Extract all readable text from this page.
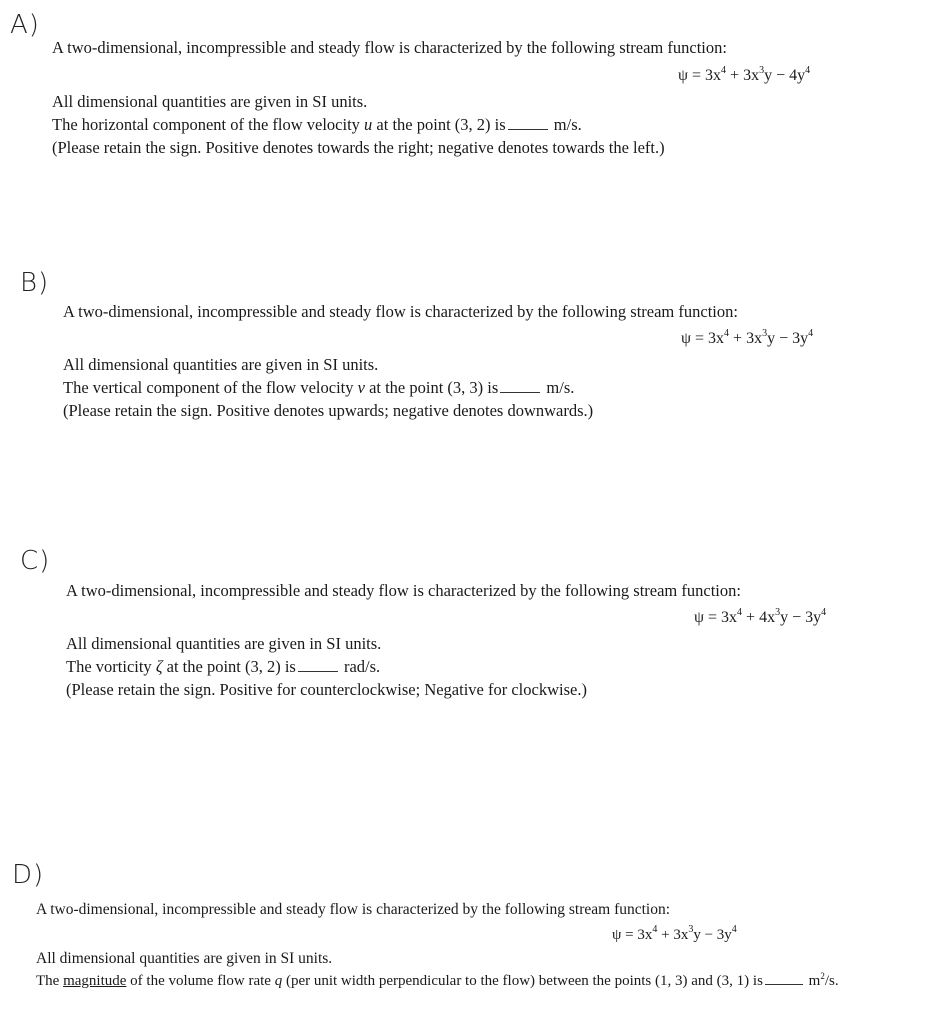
A)

A two-dimensional, incompressible and steady flow is characterized by the following stream function:

$\psi = 3x^4 + 3x^3y - 4y^4$

All dimensional quantities are given in SI units.

The horizontal component of the flow velocity u at the point (3, 2) is	m/s.

(Please retain the sign. Positive denotes towards the right; negative denotes towards the left.)

B)

A two-dimensional, incompressible and steady flow is characterized by the following stream function:

$\psi = 3x^4 + 3x^3y - 3y^4$

All dimensional quantities are given in SI units.

The vertical component of the flow velocity v at the point (3, 3) is	m/s.

(Please retain the sign. Positive denotes upwards; negative denotes downwards.)

C)

A two-dimensional, incompressible and steady flow is characterized by the following stream function:

$\psi = 3x^4 + 4x^3y - 3y^4$

All dimensional quantities are given in SI units.

The vorticity ζ at the point (3, 2) is	rad/s.

(Please retain the sign. Positive for counterclockwise; Negative for clockwise.)

D)

A two-dimensional, incompressible and steady flow is characterized by the following stream function:

$\psi = 3x^4 + 3x^3y - 3y^4$

All dimensional quantities are given in SI units.

The magnitude of the volume flow rate q (per unit width perpendicular to the flow) between the points (1, 3) and (3, 1) is	$m^2/s$.
